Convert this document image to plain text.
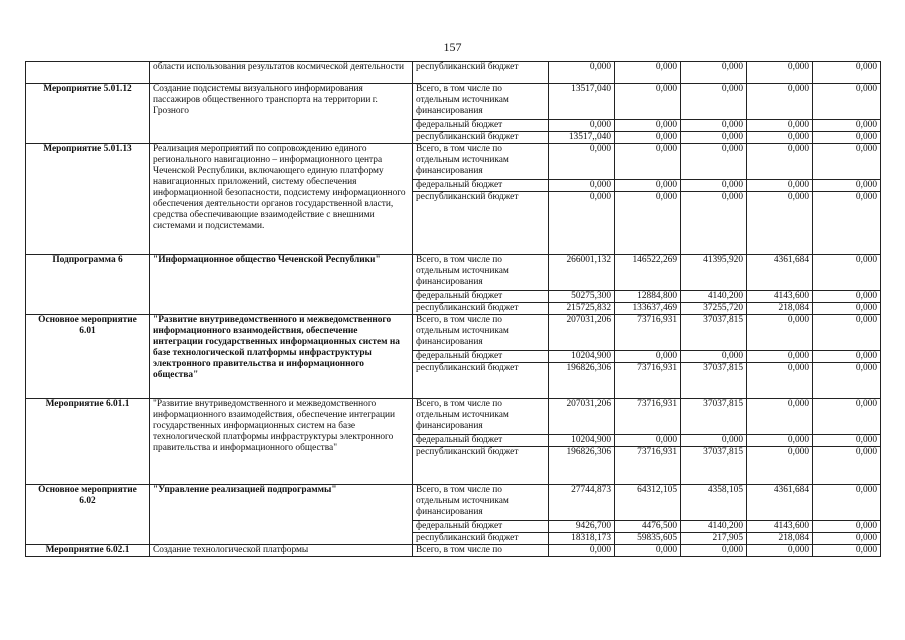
157
	области использования результатов космической деятельности	республиканский бюджет	0,000	0,000	0,000	0,000	0,000
Мероприятие 5.01.12	Создание подсистемы визуального информирования пассажиров общественного транспорта на территории г. Грозного	Всего, в том числе по отдельным источникам финансирования	13517,040	0,000	0,000	0,000	0,000
		федеральный бюджет	0,000	0,000	0,000	0,000	0,000
		республиканский бюджет	13517,,040	0,000	0,000	0,000	0,000
Мероприятие 5.01.13	Реализация мероприятий по сопровождению единого регионального навигационно – информационного центра Чеченской Республики, включающего единую платформу навигационных приложений, систему обеспечения информационной безопасности, подсистему информационного обеспечения деятельности органов государственной власти, средства обеспечивающие взаимодействие с внешними системами и подсистемами.	Всего, в том числе по отдельным источникам финансирования	0,000	0,000	0,000	0,000	0,000
		федеральный бюджет	0,000	0,000	0,000	0,000	0,000
		республиканский бюджет	0,000	0,000	0,000	0,000	0,000
Подпрограмма 6	"Информационное общество Чеченской Республики"	Всего, в том числе по отдельным источникам финансирования	266001,132	146522,269	41395,920	4361,684	0,000
		федеральный бюджет	50275,300	12884,800	4140,200	4143,600	0,000
		республиканский бюджет	215725,832	133637,469	37255,720	218,084	0,000
Основное мероприятие 6.01	"Развитие внутриведомственного и межведомственного информационного взаимодействия, обеспечение интеграции государственных информационных систем на базе технологической платформы инфраструктуры электронного правительства и информационного общества"	Всего, в том числе по отдельным источникам финансирования	207031,206	73716,931	37037,815	0,000	0,000
		федеральный бюджет	10204,900	0,000	0,000	0,000	0,000
		республиканский бюджет	196826,306	73716,931	37037,815	0,000	0,000
Мероприятие 6.01.1	"Развитие внутриведомственного и межведомственного информационного взаимодействия, обеспечение интеграции государственных информационных систем на базе технологической платформы инфраструктуры электронного правительства и информационного общества"	Всего, в том числе по отдельным источникам финансирования	207031,206	73716,931	37037,815	0,000	0,000
		федеральный бюджет	10204,900	0,000	0,000	0,000	0,000
		республиканский бюджет	196826,306	73716,931	37037,815	0,000	0,000
Основное мероприятие 6.02	"Управление реализацией подпрограммы"	Всего, в том числе по отдельным источникам финансирования	27744,873	64312,105	4358,105	4361,684	0,000
		федеральный бюджет	9426,700	4476,500	4140,200	4143,600	0,000
		республиканский бюджет	18318,173	59835,605	217,905	218,084	0,000
Мероприятие 6.02.1	Создание технологической платформы	Всего, в том числе по	0,000	0,000	0,000	0,000	0,000
